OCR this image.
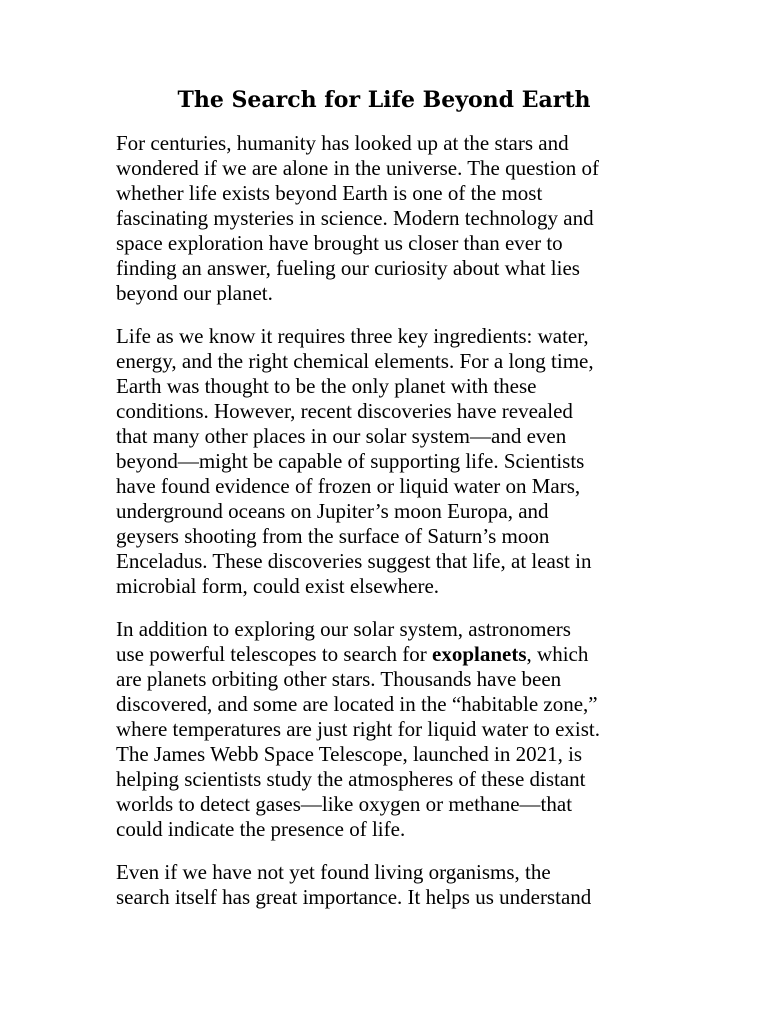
The Search for Life Beyond Earth

For centuries, humanity has looked up at the stars and
wondered if we are alone in the universe. The question of
whether life exists beyond Earth is one of the most
fascinating mysteries in science. Modern technology and
space exploration have brought us closer than ever to
finding an answer, fueling our curiosity about what lies
beyond our planet.

Life as we know it requires three key ingredients: water,
energy, and the right chemical elements. For a long time,
Earth was thought to be the only planet with these
conditions. However, recent discoveries have revealed
that many other places in our solar system—and even
beyond—might be capable of supporting life. Scientists
have found evidence of frozen or liquid water on Mars,
underground oceans on Jupiter’s moon Europa, and
geysers shooting from the surface of Saturn’s moon
Enceladus. These discoveries suggest that life, at least in
microbial form, could exist elsewhere.

In addition to exploring our solar system, astronomers
use powerful telescopes to search for exoplanets, which
are planets orbiting other stars. Thousands have been
discovered, and some are located in the “habitable zone,”
where temperatures are just right for liquid water to exist.
The James Webb Space Telescope, launched in 2021, is
helping scientists study the atmospheres of these distant
worlds to detect gases—like oxygen or methane—that
could indicate the presence of life.

Even if we have not yet found living organisms, the
search itself has great importance. It helps us understand
